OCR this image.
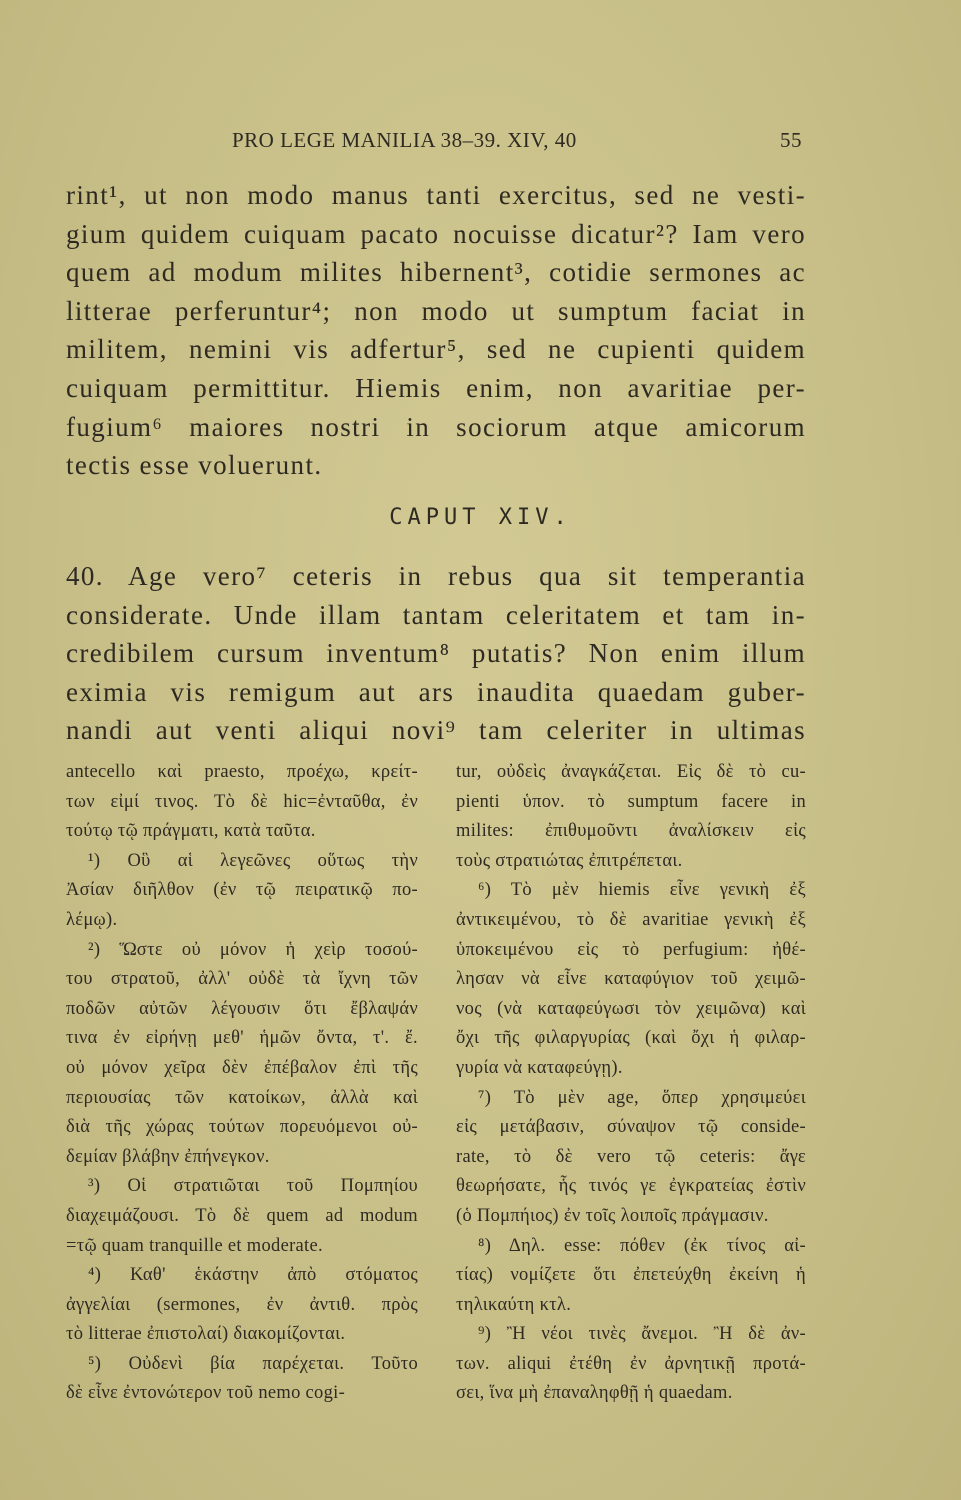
PRO LEGE MANILIA 38–39. XIV, 40	55
rint¹, ut non modo manus tanti exercitus, sed ne vesti-
gium quidem cuiquam pacato nocuisse dicatur²? Iam vero
quem ad modum milites hibernent³, cotidie sermones ac
litterae perferuntur⁴; non modo ut sumptum faciat in
militem, nemini vis adfertur⁵, sed ne cupienti quidem
cuiquam permittitur. Hiemis enim, non avaritiae per-
fugium⁶ maiores nostri in sociorum atque amicorum
tectis esse voluerunt.
CAPUT XIV.
40. Age vero⁷ ceteris in rebus qua sit temperantia
considerate. Unde illam tantam celeritatem et tam in-
credibilem cursum inventum⁸ putatis? Non enim illum
eximia vis remigum aut ars inaudita quaedam guber-
nandi aut venti aliqui novi⁹ tam celeriter in ultimas
antecello καὶ praesto, προέχω, κρείτ-
των εἰμί τινος. Τὸ δὲ hic=ἐνταῦθα, ἐν
τούτῳ τῷ πράγματι, κατὰ ταῦτα.
¹) Οὓ αἱ λεγεῶνες οὕτως τὴν
Ἀσίαν διῆλθον (ἐν τῷ πειρατικῷ πο-
λέμῳ).
²) Ὥστε οὐ μόνον ἡ χεὶρ τοσού-
του στρατοῦ, ἀλλ' οὐδὲ τὰ ἴχνη τῶν
ποδῶν αὐτῶν λέγουσιν ὅτι ἔβλαψάν
τινα ἐν εἰρήνῃ μεθ' ἡμῶν ὄντα, τ'. ἔ.
οὐ μόνον χεῖρα δὲν ἐπέβαλον ἐπὶ τῆς
περιουσίας τῶν κατοίκων, ἀλλὰ καὶ
διὰ τῆς χώρας τούτων πορευόμενοι οὐ-
δεμίαν βλάβην ἐπήνεγκον.
³) Οἱ στρατιῶται τοῦ Πομπηίου
διαχειμάζουσι. Τὸ δὲ quem ad modum
=τῷ quam tranquille et moderate.
⁴) Καθ' ἑκάστην ἀπὸ στόματος
ἀγγελίαι (sermones, ἐν ἀντιθ. πρὸς
τὸ litterae ἐπιστολαί) διακομίζονται.
⁵) Οὐδενὶ βία παρέχεται. Τοῦτο
δὲ εἶνε ἐντονώτερον τοῦ nemo cogi-
tur, οὐδεὶς ἀναγκάζεται. Εἰς δὲ τὸ cu-
pienti ὑπον. τὸ sumptum facere in
milites: ἐπιθυμοῦντι ἀναλίσκειν εἰς
τοὺς στρατιώτας ἐπιτρέπεται.
⁶) Τὸ μὲν hiemis εἶνε γενικὴ ἐξ
ἀντικειμένου, τὸ δὲ avaritiae γενικὴ ἐξ
ὑποκειμένου εἰς τὸ perfugium: ἠθέ-
λησαν νὰ εἶνε καταφύγιον τοῦ χειμῶ-
νος (νὰ καταφεύγωσι τὸν χειμῶνα) καὶ
ὄχι τῆς φιλαργυρίας (καὶ ὄχι ἡ φιλαρ-
γυρία νὰ καταφεύγῃ).
⁷) Τὸ μὲν age, ὅπερ χρησιμεύει
εἰς μετάβασιν, σύναψον τῷ conside-
rate, τὸ δὲ vero τῷ ceteris: ἄγε
θεωρήσατε, ἧς τινός γε ἐγκρατείας ἐστὶν
(ὁ Πομπήιος) ἐν τοῖς λοιποῖς πράγμασιν.
⁸) Δηλ. esse: πόθεν (ἐκ τίνος αἰ-
τίας) νομίζετε ὅτι ἐπετεύχθη ἐκείνη ἡ
τηλικαύτη κτλ.
⁹) Ἢ νέοι τινὲς ἄνεμοι. Ἢ δὲ ἀν-
των. aliqui ἐτέθη ἐν ἀρνητικῇ προτά-
σει, ἵνα μὴ ἐπαναληφθῇ ἡ quaedam.
